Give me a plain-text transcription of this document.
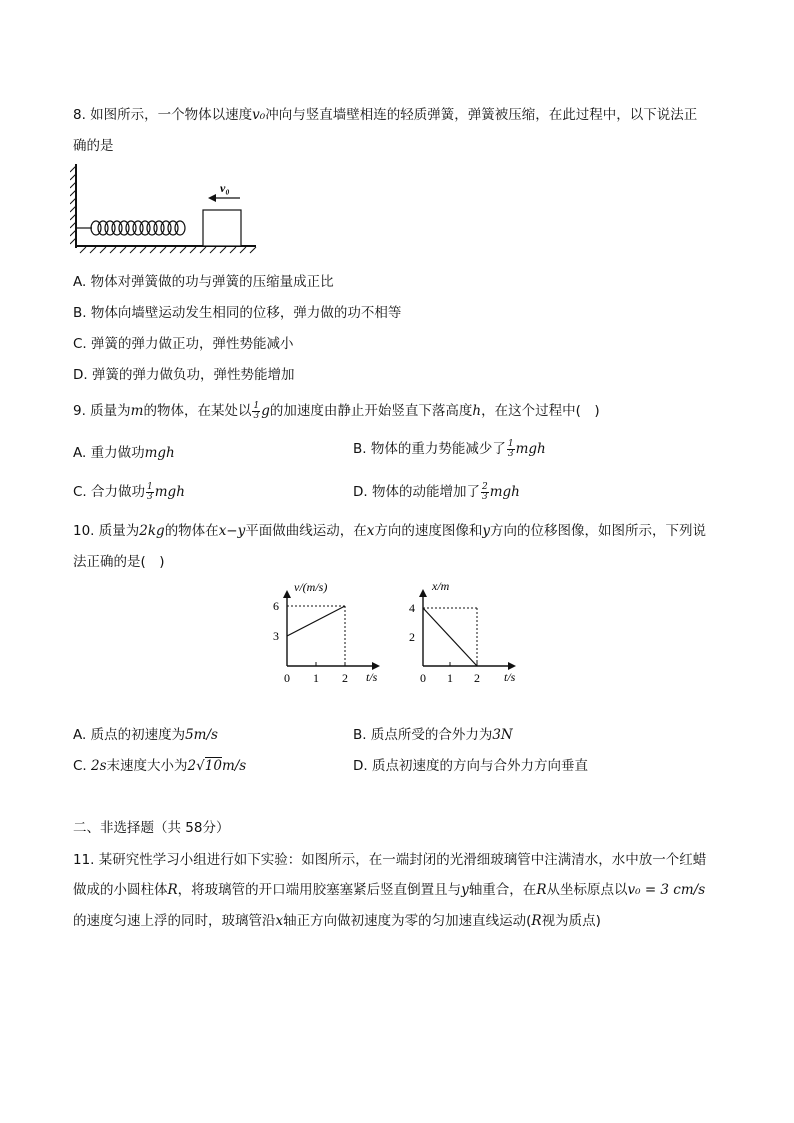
8. 如图所示，一个物体以速度v₀冲向与竖直墙壁相连的轻质弹簧，弹簧被压缩，在此过程中，以下说法正
确的是
v₀
A. 物体对弹簧做的功与弹簧的压缩量成正比
B. 物体向墙壁运动发生相同的位移，弹力做的功不相等
C. 弹簧的弹力做正功，弹性势能减小
D. 弹簧的弹力做负功，弹性势能增加
9. 质量为m的物体，在某处以 $\frac{1}{3}$ g的加速度由静止开始竖直下落高度h，在这个过程中(　)
A. 重力做功mgh	B. 物体的重力势能减少了 $\frac{1}{3}$ mgh
C. 合力做功 $\frac{1}{3}$ mgh	D. 物体的动能增加了 $\frac{2}{3}$ mgh
10. 质量为2kg的物体在x−y平面做曲线运动，在x方向的速度图像和y方向的位移图像，如图所示，下列说
法正确的是(　)
v/(m/s)
t/s
0 1 2
3
6
x/m
t/s
0 1 2
2
4
A. 质点的初速度为5m/s	B. 质点所受的合外力为3N
C. 2s末速度大小为2√10m/s	D. 质点初速度的方向与合外力方向垂直
二、非选择题（共 58分）
11. 某研究性学习小组进行如下实验：如图所示，在一端封闭的光滑细玻璃管中注满清水，水中放一个红蜡
做成的小圆柱体R，将玻璃管的开口端用胶塞塞紧后竖直倒置且与y轴重合，在R从坐标原点以v₀ = 3 cm/s
的速度匀速上浮的同时，玻璃管沿x轴正方向做初速度为零的匀加速直线运动(R视为质点)
